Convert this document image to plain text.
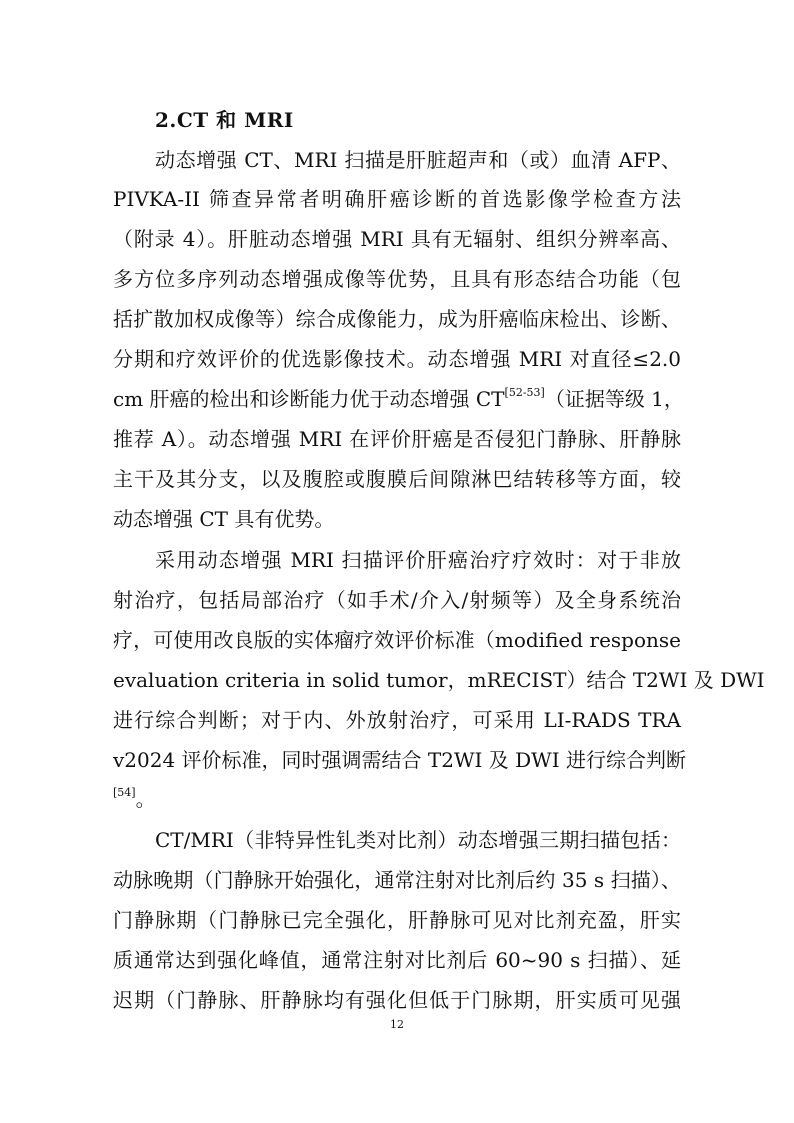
2.CT 和 MRI
动态增强 CT、MRI 扫描是肝脏超声和（或）血清 AFP、
PIVKA-II 筛查异常者明确肝癌诊断的首选影像学检查方法
（附录 4）。肝脏动态增强 MRI 具有无辐射、组织分辨率高、
多方位多序列动态增强成像等优势，且具有形态结合功能（包
括扩散加权成像等）综合成像能力，成为肝癌临床检出、诊断、
分期和疗效评价的优选影像技术。动态增强 MRI 对直径≤2.0
cm 肝癌的检出和诊断能力优于动态增强 CT[52-53]（证据等级 1，
推荐 A）。动态增强 MRI 在评价肝癌是否侵犯门静脉、肝静脉
主干及其分支，以及腹腔或腹膜后间隙淋巴结转移等方面，较
动态增强 CT 具有优势。
采用动态增强 MRI 扫描评价肝癌治疗疗效时：对于非放
射治疗，包括局部治疗（如手术/介入/射频等）及全身系统治
疗，可使用改良版的实体瘤疗效评价标准（modified response
evaluation criteria in solid tumor，mRECIST）结合 T2WI 及 DWI
进行综合判断；对于内、外放射治疗，可采用 LI-RADS TRA
v2024 评价标准，同时强调需结合 T2WI 及 DWI 进行综合判断
[54]。
CT/MRI（非特异性钆类对比剂）动态增强三期扫描包括：
动脉晚期（门静脉开始强化，通常注射对比剂后约 35 s 扫描）、
门静脉期（门静脉已完全强化，肝静脉可见对比剂充盈，肝实
质通常达到强化峰值，通常注射对比剂后 60~90 s 扫描）、延
迟期（门静脉、肝静脉均有强化但低于门脉期，肝实质可见强
12
